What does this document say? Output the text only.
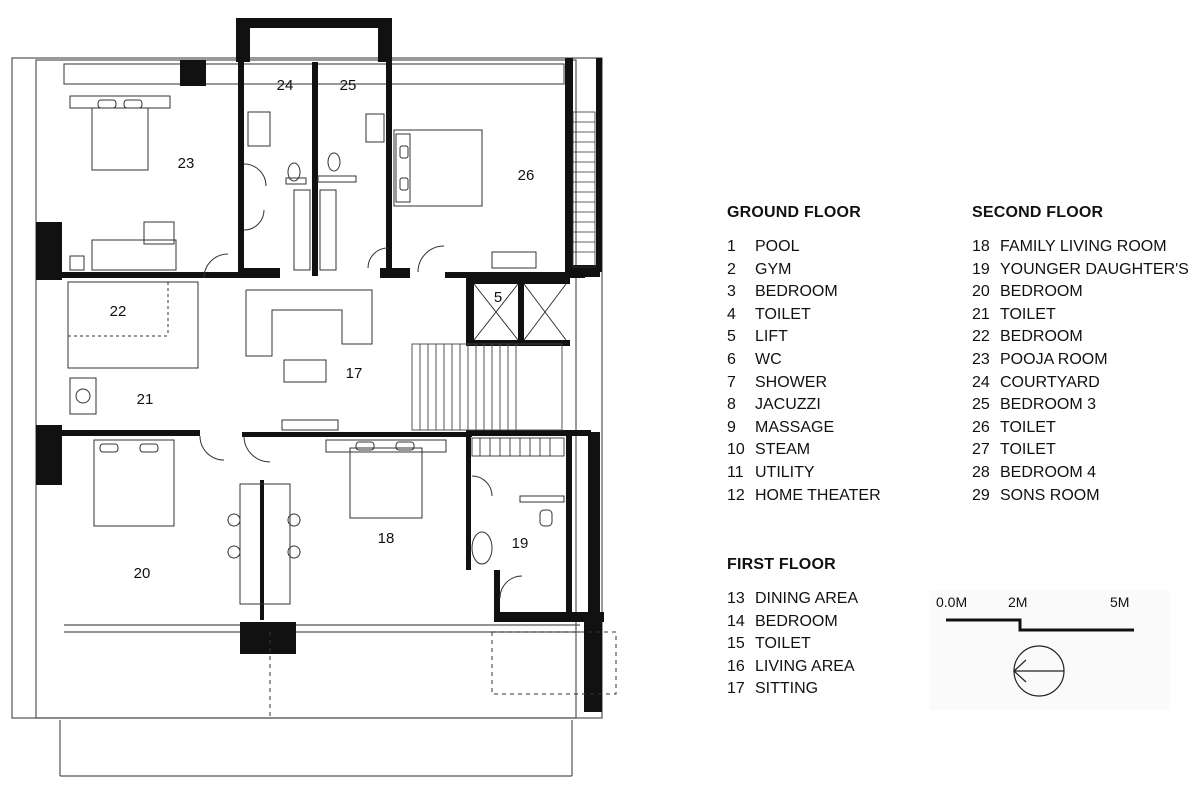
23
24	25
26
22
5
17
21
18	19
20
GROUND FLOOR
1 POOL
2 GYM
3 BEDROOM
4 TOILET
5 LIFT
6 WC
7 SHOWER
8 JACUZZI
9 MASSAGE
10 STEAM
11 UTILITY
12 HOME THEATER
SECOND FLOOR
18 FAMILY LIVING ROOM
19 YOUNGER DAUGHTER'S
20 BEDROOM
21 TOILET
22 BEDROOM
23 POOJA ROOM
24 COURTYARD
25 BEDROOM 3
26 TOILET
27 TOILET
28 BEDROOM 4
29 SONS ROOM
FIRST FLOOR
13 DINING AREA
14 BEDROOM
15 TOILET
16 LIVING AREA
17 SITTING
0.0M	2M	5M
